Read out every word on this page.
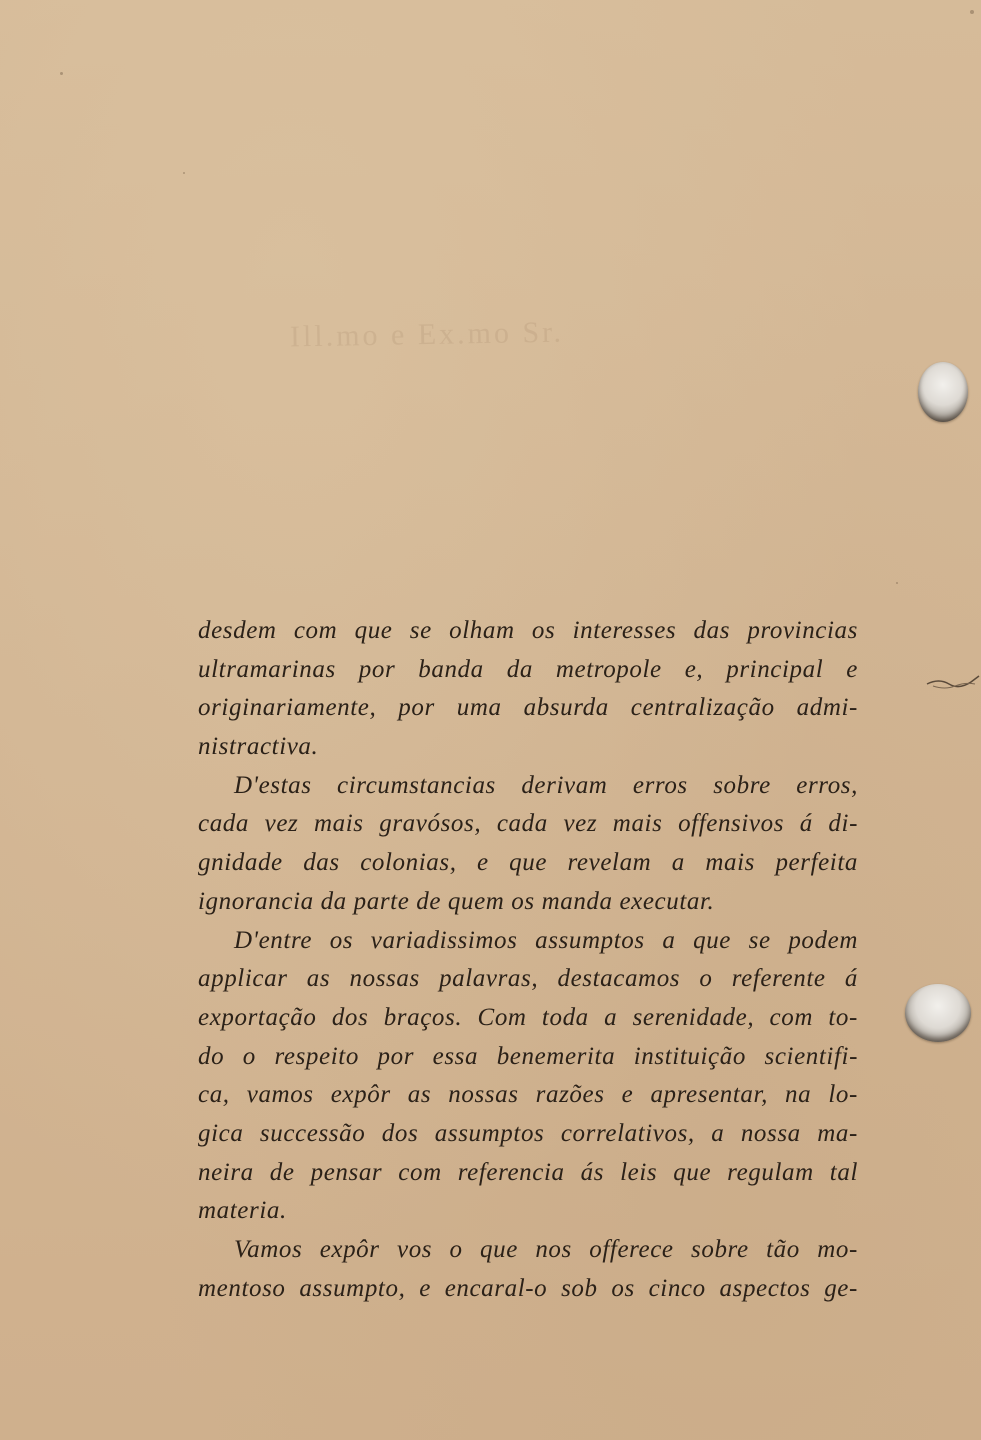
Ill.mo e Ex.mo Sr.
desdem com que se olham os interesses das provincias
ultramarinas por banda da metropole e, principal e
originariamente, por uma absurda centralização admi-
nistractiva.
D'estas circumstancias derivam erros sobre erros,
cada vez mais gravósos, cada vez mais offensivos á di-
gnidade das colonias, e que revelam a mais perfeita
ignorancia da parte de quem os manda executar.
D'entre os variadissimos assumptos a que se podem
applicar as nossas palavras, destacamos o referente á
exportação dos braços. Com toda a serenidade, com to-
do o respeito por essa benemerita instituição scientifi-
ca, vamos expôr as nossas razões e apresentar, na lo-
gica successão dos assumptos correlativos, a nossa ma-
neira de pensar com referencia ás leis que regulam tal
materia.
Vamos expôr vos o que nos offerece sobre tão mo-
mentoso assumpto, e encaral-o sob os cinco aspectos ge-
